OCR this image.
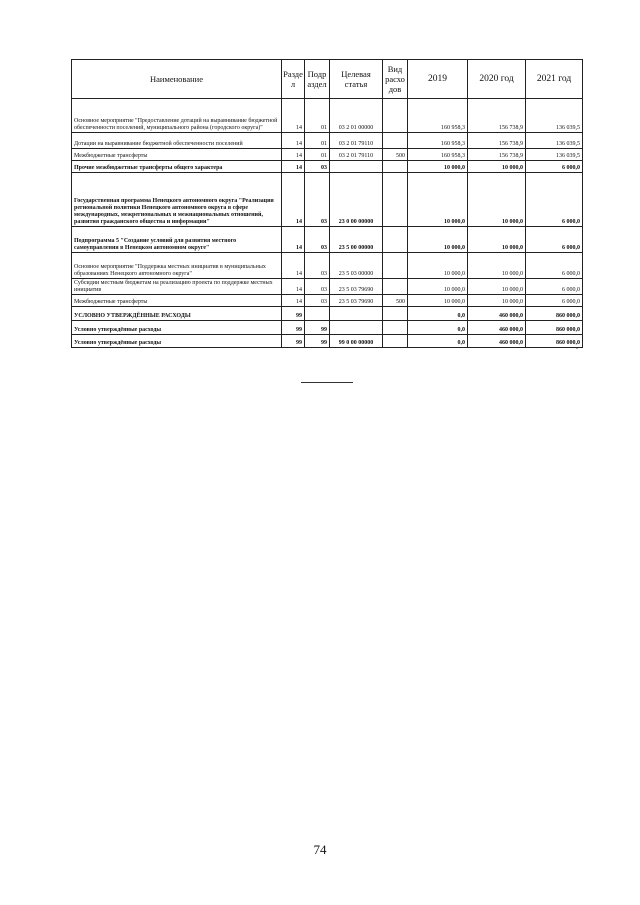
Наименование	Разде л	Подр аздел	Целевая статья	Вид расхо дов	2019	2020 год	2021 год
Основное мероприятие "Предоставление дотаций на выравнивание бюджетной обеспеченности поселений, муниципального района (городского округа)"	14	01	03 2 01 00000		160 958,3	156 738,9	136 039,5
Дотации на выравнивание бюджетной обеспеченности поселений	14	01	03 2 01 79110		160 958,3	156 738,9	136 039,5
Межбюджетные трансферты	14	01	03 2 01 79110	500	160 958,3	156 738,9	136 039,5
Прочие межбюджетные трансферты общего характера	14	03			10 000,0	10 000,0	6 000,0
Государственная программа Ненецкого автономного округа "Реализация региональной политики Ненецкого автономного округа в сфере международных, межрегиональных и межнациональных отношений, развития гражданского общества и информации"	14	03	23 0 00 00000		10 000,0	10 000,0	6 000,0
Подпрограмма 5 "Создание условий для развития местного самоуправления в Ненецком автономном округе"	14	03	23 5 00 00000		10 000,0	10 000,0	6 000,0
Основное мероприятие "Поддержка местных инициатив в муниципальных образованиях Ненецкого автономного округа"	14	03	23 5 03 00000		10 000,0	10 000,0	6 000,0
Субсидии местным бюджетам на реализацию проекта по поддержке местных инициатив	14	03	23 5 03 79690		10 000,0	10 000,0	6 000,0
Межбюджетные трансферты	14	03	23 5 03 79690	500	10 000,0	10 000,0	6 000,0
УСЛОВНО УТВЕРЖДЁННЫЕ РАСХОДЫ	99				0,0	460 000,0	860 000,0
Условно утверждённые расходы	99	99			0,0	460 000,0	860 000,0
Условно утверждённые расходы	99	99	99 0 00 00000		0,0	460 000,0	860 000,0
"
74
